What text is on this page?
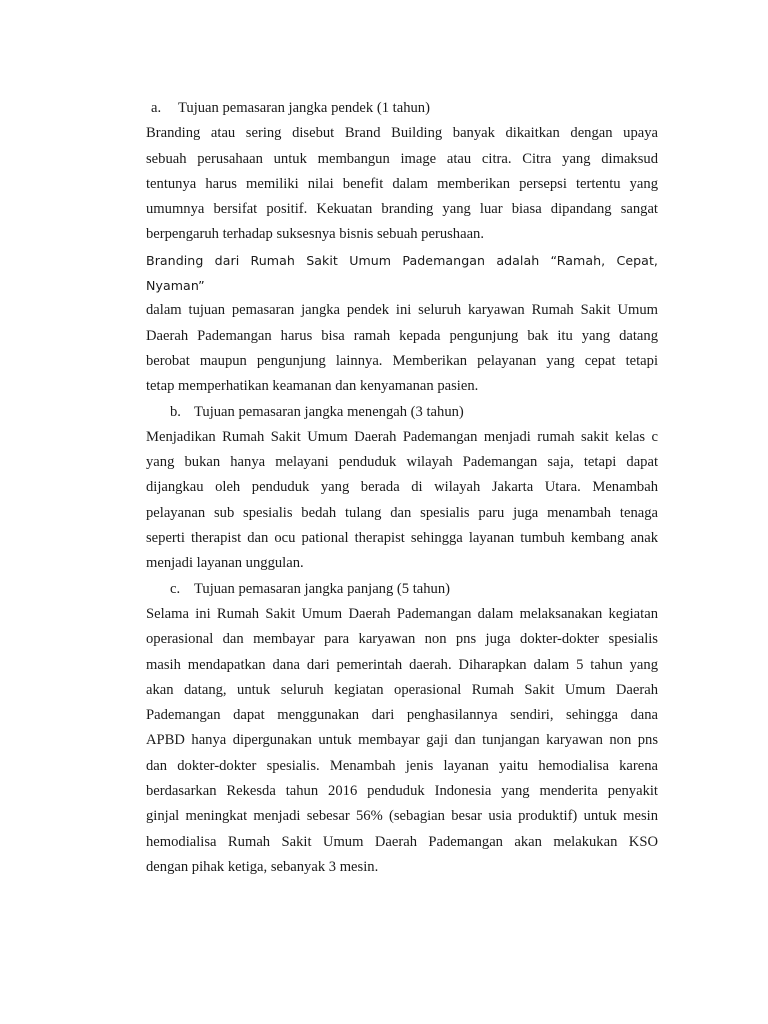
a.	Tujuan pemasaran jangka pendek (1 tahun)
Branding atau sering disebut Brand Building banyak dikaitkan dengan upaya
sebuah perusahaan untuk membangun image atau citra. Citra yang dimaksud
tentunya harus memiliki nilai benefit dalam memberikan persepsi tertentu yang
umumnya bersifat positif. Kekuatan branding yang luar biasa dipandang sangat
berpengaruh terhadap suksesnya bisnis sebuah perushaan.
Branding dari Rumah Sakit Umum Pademangan adalah “Ramah, Cepat, Nyaman”
dalam tujuan pemasaran jangka pendek ini seluruh karyawan Rumah Sakit Umum
Daerah Pademangan harus bisa ramah kepada pengunjung bak itu yang datang
berobat maupun pengunjung lainnya. Memberikan pelayanan yang cepat tetapi
tetap memperhatikan keamanan dan kenyamanan pasien.
b. Tujuan pemasaran jangka menengah (3 tahun)
Menjadikan Rumah Sakit Umum Daerah Pademangan menjadi rumah sakit kelas c
yang bukan hanya melayani penduduk wilayah Pademangan saja, tetapi dapat
dijangkau oleh penduduk yang berada di wilayah Jakarta Utara. Menambah
pelayanan sub spesialis bedah tulang dan spesialis paru juga menambah tenaga
seperti therapist dan ocu pational therapist sehingga layanan tumbuh kembang anak
menjadi layanan unggulan.
c. Tujuan pemasaran jangka panjang (5 tahun)
Selama ini Rumah Sakit Umum Daerah Pademangan dalam melaksanakan kegiatan
operasional dan membayar para karyawan non pns juga dokter-dokter spesialis
masih mendapatkan dana dari pemerintah daerah. Diharapkan dalam 5 tahun yang
akan datang, untuk seluruh kegiatan operasional Rumah Sakit Umum Daerah
Pademangan dapat menggunakan dari penghasilannya sendiri, sehingga dana
APBD hanya dipergunakan untuk membayar gaji dan tunjangan karyawan non pns
dan dokter-dokter spesialis. Menambah jenis layanan yaitu hemodialisa karena
berdasarkan Rekesda tahun 2016 penduduk Indonesia yang menderita penyakit
ginjal meningkat menjadi sebesar 56% (sebagian besar usia produktif) untuk mesin
hemodialisa Rumah Sakit Umum Daerah Pademangan akan melakukan KSO
dengan pihak ketiga, sebanyak 3 mesin.
